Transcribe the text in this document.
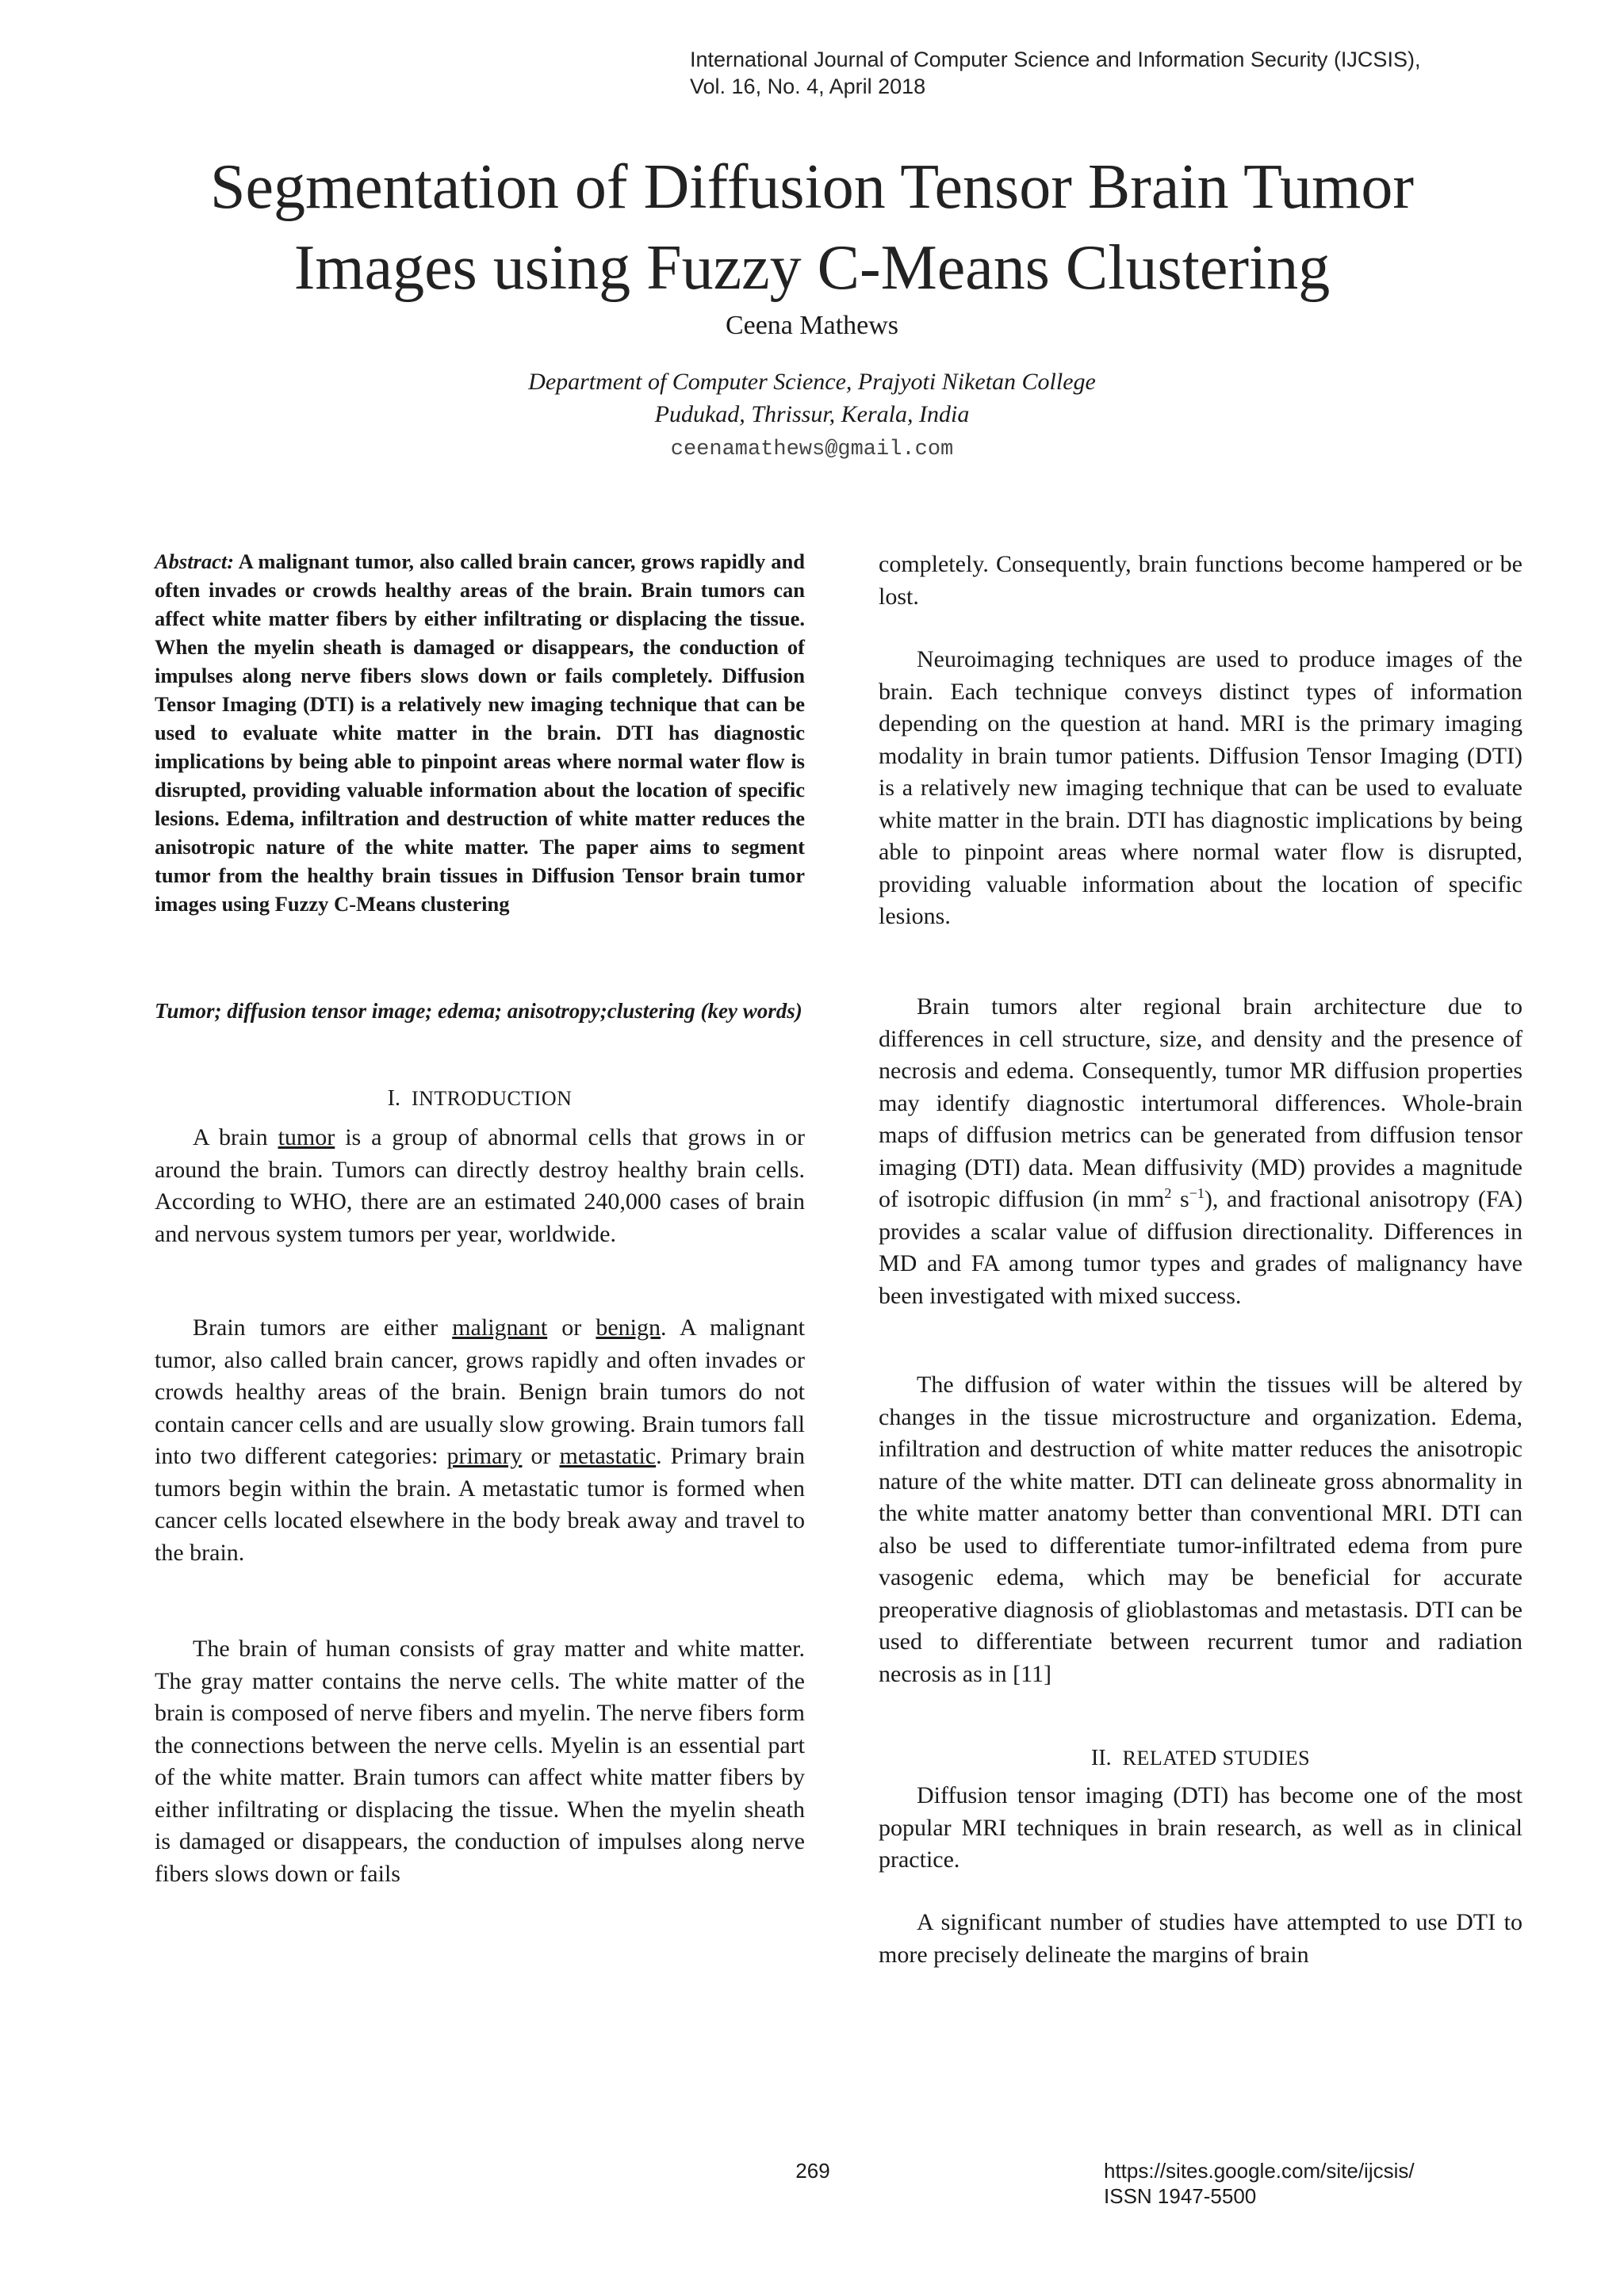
International Journal of Computer Science and Information Security (IJCSIS),
Vol. 16, No. 4, April 2018
Segmentation of Diffusion Tensor Brain Tumor
Images using Fuzzy C-Means Clustering
Ceena Mathews
Department of Computer Science, Prajyoti Niketan College
Pudukad, Thrissur, Kerala, India
ceenamathews@gmail.com

Abstract: A malignant tumor, also called brain cancer, grows rapidly and often invades or crowds healthy areas of the brain. Brain tumors can affect white matter fibers by either infiltrating or displacing the tissue. When the myelin sheath is damaged or disappears, the conduction of impulses along nerve fibers slows down or fails completely. Diffusion Tensor Imaging (DTI) is a relatively new imaging technique that can be used to evaluate white matter in the brain. DTI has diagnostic implications by being able to pinpoint areas where normal water flow is disrupted, providing valuable information about the location of specific lesions. Edema, infiltration and destruction of white matter reduces the anisotropic nature of the white matter. The paper aims to segment tumor from the healthy brain tissues in Diffusion Tensor brain tumor images using Fuzzy C-Means clustering

Tumor; diffusion tensor image; edema; anisotropy;clustering (key words)

I. INTRODUCTION

A brain tumor is a group of abnormal cells that grows in or around the brain. Tumors can directly destroy healthy brain cells. According to WHO, there are an estimated 240,000 cases of brain and nervous system tumors per year, worldwide.

Brain tumors are either malignant or benign. A malignant tumor, also called brain cancer, grows rapidly and often invades or crowds healthy areas of the brain. Benign brain tumors do not contain cancer cells and are usually slow growing. Brain tumors fall into two different categories: primary or metastatic. Primary brain tumors begin within the brain. A metastatic tumor is formed when cancer cells located elsewhere in the body break away and travel to the brain.

The brain of human consists of gray matter and white matter. The gray matter contains the nerve cells. The white matter of the brain is composed of nerve fibers and myelin. The nerve fibers form the connections between the nerve cells. Myelin is an essential part of the white matter. Brain tumors can affect white matter fibers by either infiltrating or displacing the tissue. When the myelin sheath is damaged or disappears, the conduction of impulses along nerve fibers slows down or fails

completely. Consequently, brain functions become hampered or be lost.

Neuroimaging techniques are used to produce images of the brain. Each technique conveys distinct types of information depending on the question at hand. MRI is the primary imaging modality in brain tumor patients. Diffusion Tensor Imaging (DTI) is a relatively new imaging technique that can be used to evaluate white matter in the brain. DTI has diagnostic implications by being able to pinpoint areas where normal water flow is disrupted, providing valuable information about the location of specific lesions.

Brain tumors alter regional brain architecture due to differences in cell structure, size, and density and the presence of necrosis and edema. Consequently, tumor MR diffusion properties may identify diagnostic intertumoral differences. Whole-brain maps of diffusion metrics can be generated from diffusion tensor imaging (DTI) data. Mean diffusivity (MD) provides a magnitude of isotropic diffusion (in $mm^2$ $s^{-1}$), and fractional anisotropy (FA) provides a scalar value of diffusion directionality. Differences in MD and FA among tumor types and grades of malignancy have been investigated with mixed success.

The diffusion of water within the tissues will be altered by changes in the tissue microstructure and organization. Edema, infiltration and destruction of white matter reduces the anisotropic nature of the white matter. DTI can delineate gross abnormality in the white matter anatomy better than conventional MRI. DTI can also be used to differentiate tumor-infiltrated edema from pure vasogenic edema, which may be beneficial for accurate preoperative diagnosis of glioblastomas and metastasis. DTI can be used to differentiate between recurrent tumor and radiation necrosis as in [11]

II. RELATED STUDIES

Diffusion tensor imaging (DTI) has become one of the most popular MRI techniques in brain research, as well as in clinical practice.

A significant number of studies have attempted to use DTI to more precisely delineate the margins of brain

269	https://sites.google.com/site/ijcsis/
ISSN 1947-5500
